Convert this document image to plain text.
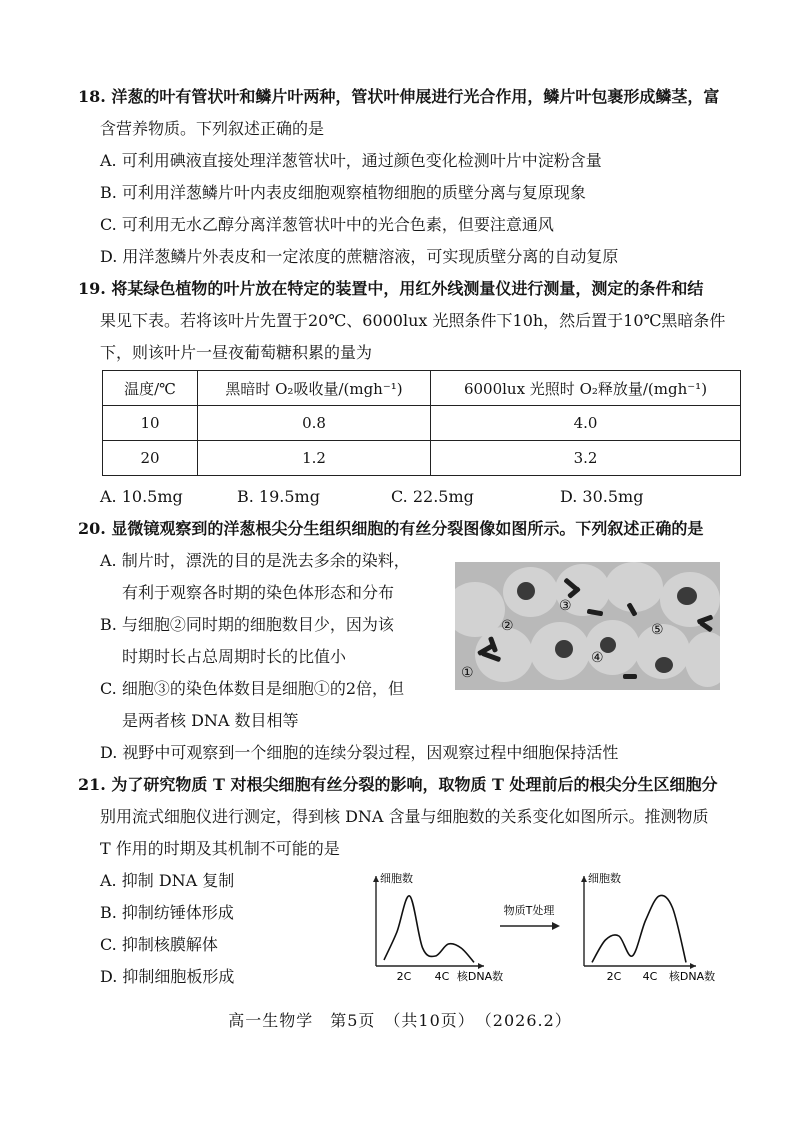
18. 洋葱的叶有管状叶和鳞片叶两种，管状叶伸展进行光合作用，鳞片叶包裹形成鳞茎，富
含营养物质。下列叙述正确的是
A. 可利用碘液直接处理洋葱管状叶，通过颜色变化检测叶片中淀粉含量
B. 可利用洋葱鳞片叶内表皮细胞观察植物细胞的质壁分离与复原现象
C. 可利用无水乙醇分离洋葱管状叶中的光合色素，但要注意通风
D. 用洋葱鳞片外表皮和一定浓度的蔗糖溶液，可实现质壁分离的自动复原
19. 将某绿色植物的叶片放在特定的装置中，用红外线测量仪进行测量，测定的条件和结
果见下表。若将该叶片先置于20℃、6000lux 光照条件下10h，然后置于10℃黑暗条件
下，则该叶片一昼夜葡萄糖积累的量为
温度/℃	黑暗时 O₂吸收量/(mgh⁻¹)	6000lux 光照时 O₂释放量/(mgh⁻¹)
10	0.8	4.0
20	1.2	3.2
A. 10.5mg	B. 19.5mg	C. 22.5mg	D. 30.5mg
20. 显微镜观察到的洋葱根尖分生组织细胞的有丝分裂图像如图所示。下列叙述正确的是
A. 制片时，漂洗的目的是洗去多余的染料，
有利于观察各时期的染色体形态和分布
B. 与细胞②同时期的细胞数目少，因为该
时期时长占总周期时长的比值小
C. 细胞③的染色体数目是细胞①的2倍，但
是两者核 DNA 数目相等
D. 视野中可观察到一个细胞的连续分裂过程，因观察过程中细胞保持活性
①
②
③
④
⑤
21. 为了研究物质 T 对根尖细胞有丝分裂的影响，取物质 T 处理前后的根尖分生区细胞分
别用流式细胞仪进行测定，得到核 DNA 含量与细胞数的关系变化如图所示。推测物质
T 作用的时期及其机制不可能的是
A. 抑制 DNA 复制
B. 抑制纺锤体形成
C. 抑制核膜解体
D. 抑制细胞板形成
细胞数
2C 4C 核DNA数
物质T处理
细胞数
2C 4C 核DNA数
高一生物学　第5页　（共10页）　（2026.2）
